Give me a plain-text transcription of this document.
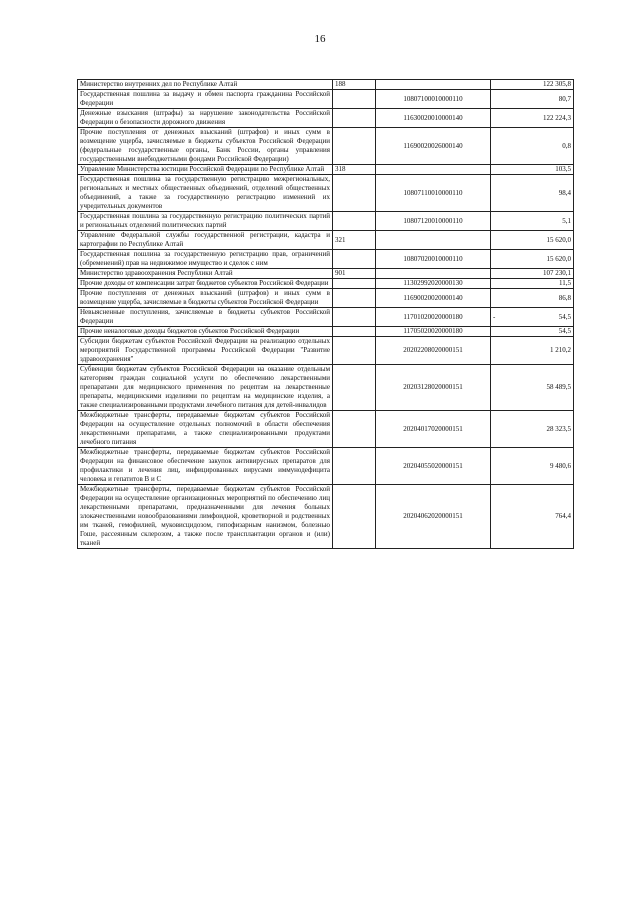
16
Министерство внутренних дел по Республике Алтай	188		122 305,8
Государственная пошлина за выдачу и обмен паспорта гражданина Российской Федерации		10807100010000110	80,7
Денежные взыскания (штрафы) за нарушение законодательства Российской Федерации о безопасности дорожного движения		11630020010000140	122 224,3
Прочие поступления от денежных взысканий (штрафов) и иных сумм в возмещение ущерба, зачисляемые в бюджеты субъектов Российской Федерации (федеральные государственные органы, Банк России, органы управления государственными внебюджетными фондами Российской Федерации)		11690020026000140	0,8
Управление Министерства юстиции Российской Федерации по Республике Алтай	318		103,5
Государственная пошлина за государственную регистрацию межрегиональных, региональных и местных общественных объединений, отделений общественных объединений, а также за государственную регистрацию изменений их учредительных документов		10807110010000110	98,4
Государственная пошлина за государственную регистрацию политических партий и региональных отделений политических партий		10807120010000110	5,1
Управление Федеральной службы государственной регистрации, кадастра и картографии по Республике Алтай	321		15 620,0
Государственная пошлина за государственную регистрацию прав, ограничений (обременений) прав на недвижимое имущество и сделок с ним		10807020010000110	15 620,0
Министерство здравоохранения Республики Алтай	901		107 230,1
Прочие доходы от компенсации затрат бюджетов субъектов Российской Федерации		11302992020000130	11,5
Прочие поступления от денежных взысканий (штрафов) и иных сумм в возмещение ущерба, зачисляемые в бюджеты субъектов Российской Федерации		11690020020000140	86,8
Невыясненные поступления, зачисляемые в бюджеты субъектов Российской Федерации		11701020020000180	- 54,5
Прочие неналоговые доходы бюджетов субъектов Российской Федерации		11705020020000180	54,5
Субсидии бюджетам субъектов Российской Федерации на реализацию отдельных мероприятий Государственной программы Российской Федерации "Развитие здравоохранения"		20202208020000151	1 210,2
Субвенции бюджетам субъектов Российской Федерации на оказание отдельным категориям граждан социальной услуги по обеспечению лекарственными препаратами для медицинского применения по рецептам на лекарственные препараты, медицинскими изделиями по рецептам на медицинские изделия, а также специализированными продуктами лечебного питания для детей-инвалидов		20203128020000151	58 489,5
Межбюджетные трансферты, передаваемые бюджетам субъектов Российской Федерации на осуществление отдельных полномочий в области обеспечения лекарственными препаратами, а также специализированными продуктами лечебного питания		20204017020000151	28 323,5
Межбюджетные трансферты, передаваемые бюджетам субъектов Российской Федерации на финансовое обеспечение закупок антивирусных препаратов для профилактики и лечения лиц, инфицированных вирусами иммунодефицита человека и гепатитов В и С		20204055020000151	9 480,6
Межбюджетные трансферты, передаваемые бюджетам субъектов Российской Федерации на осуществление организационных мероприятий по обеспечению лиц лекарственными препаратами, предназначенными для лечения больных злокачественными новообразованиями лимфоидной, кроветворной и родственных им тканей, гемофилией, муковисцидозом, гипофизарным нанизмом, болезнью Гоше, рассеянным склерозом, а также после трансплантации органов и (или) тканей		20204062020000151	764,4
